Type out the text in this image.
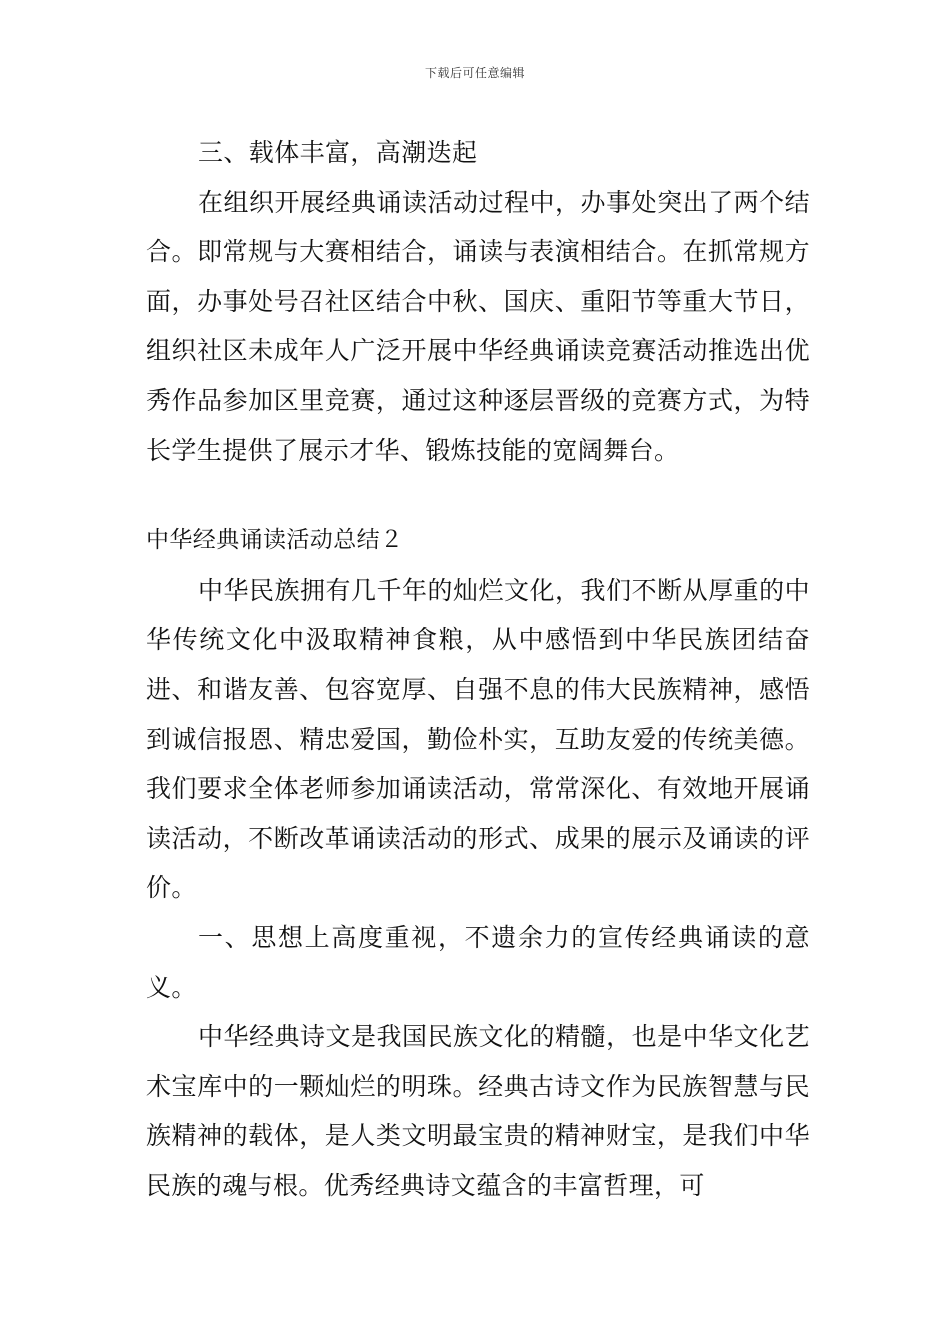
下载后可任意编辑

三、载体丰富，高潮迭起

在组织开展经典诵读活动过程中，办事处突出了两个结合。即常规与大赛相结合，诵读与表演相结合。在抓常规方面，办事处号召社区结合中秋、国庆、重阳节等重大节日，组织社区未成年人广泛开展中华经典诵读竞赛活动推选出优秀作品参加区里竞赛，通过这种逐层晋级的竞赛方式，为特长学生提供了展示才华、锻炼技能的宽阔舞台。

中华经典诵读活动总结２

中华民族拥有几千年的灿烂文化，我们不断从厚重的中华传统文化中汲取精神食粮，从中感悟到中华民族团结奋进、和谐友善、包容宽厚、自强不息的伟大民族精神，感悟到诚信报恩、精忠爱国，勤俭朴实，互助友爱的传统美德。我们要求全体老师参加诵读活动，常常深化、有效地开展诵读活动，不断改革诵读活动的形式、成果的展示及诵读的评价。

一、思想上高度重视，不遗余力的宣传经典诵读的意义。

中华经典诗文是我国民族文化的精髓，也是中华文化艺术宝库中的一颗灿烂的明珠。经典古诗文作为民族智慧与民族精神的载体，是人类文明最宝贵的精神财宝，是我们中华民族的魂与根。优秀经典诗文蕴含的丰富哲理，可
